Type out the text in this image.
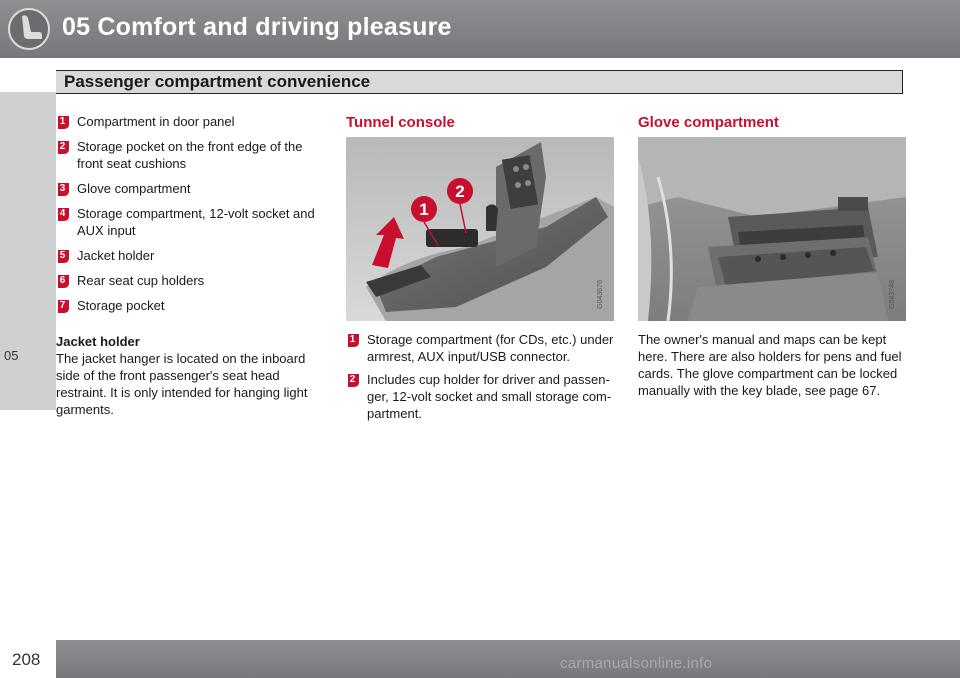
05 Comfort and driving pleasure
Passenger compartment convenience
05
1 Compartment in door panel
2 Storage pocket on the front edge of the front seat cushions
3 Glove compartment
4 Storage compartment, 12-volt socket and AUX input
5 Jacket holder
6 Rear seat cup holders
7 Storage pocket
Jacket holder
The jacket hanger is located on the inboard side of the front passenger's seat head restraint. It is only intended for hanging light garments.
Tunnel console
1
2
G043676
1 Storage compartment (for CDs, etc.) under armrest, AUX input/USB connector.
2 Includes cup holder for driver and passen-ger, 12-volt socket and small storage com-partment.
Glove compartment
G043748
The owner's manual and maps can be kept here. There are also holders for pens and fuel cards. The glove compartment can be locked manually with the key blade, see page 67.
208	carmanualsonline.info
